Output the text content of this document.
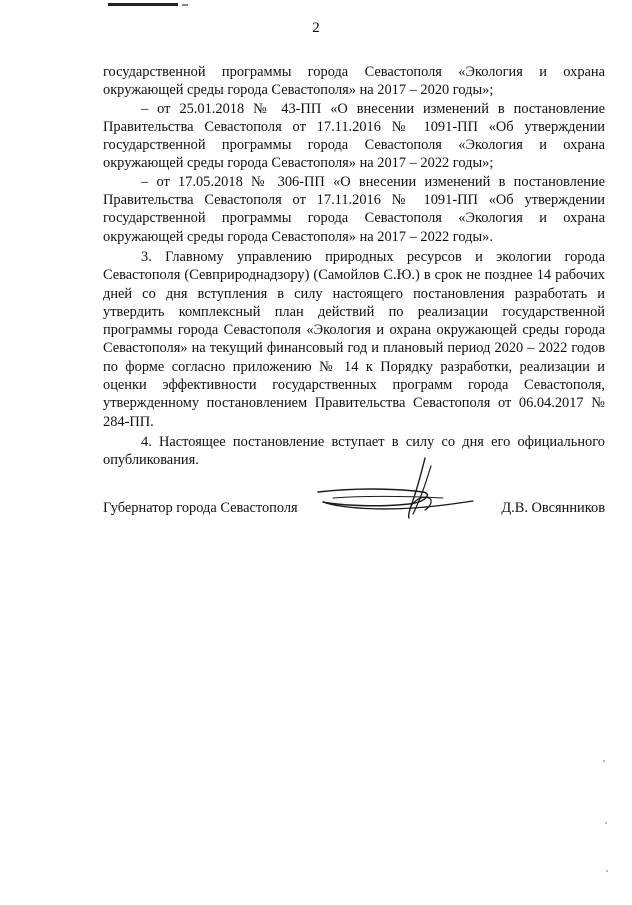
2

государственной программы города Севастополя «Экология и охрана окружающей среды города Севастополя» на 2017 – 2020 годы»;

– от 25.01.2018 № 43-ПП «О внесении изменений в постановление Правительства Севастополя от 17.11.2016 № 1091-ПП «Об утверждении государственной программы города Севастополя «Экология и охрана окружающей среды города Севастополя» на 2017 – 2022 годы»;

– от 17.05.2018 № 306-ПП «О внесении изменений в постановление Правительства Севастополя от 17.11.2016 № 1091-ПП «Об утверждении государственной программы города Севастополя «Экология и охрана окружающей среды города Севастополя» на 2017 – 2022 годы».

3. Главному управлению природных ресурсов и экологии города Севастополя (Севприроднадзору) (Самойлов С.Ю.) в срок не позднее 14 рабочих дней со дня вступления в силу настоящего постановления разработать и утвердить комплексный план действий по реализации государственной программы города Севастополя «Экология и охрана окружающей среды города Севастополя» на текущий финансовый год и плановый период 2020 – 2022 годов по форме согласно приложению № 14 к Порядку разработки, реализации и оценки эффективности государственных программ города Севастополя, утвержденному постановлением Правительства Севастополя от 06.04.2017 № 284-ПП.

4. Настоящее постановление вступает в силу со дня его официального опубликования.

Губернатор города Севастополя	Д.В. Овсянников
